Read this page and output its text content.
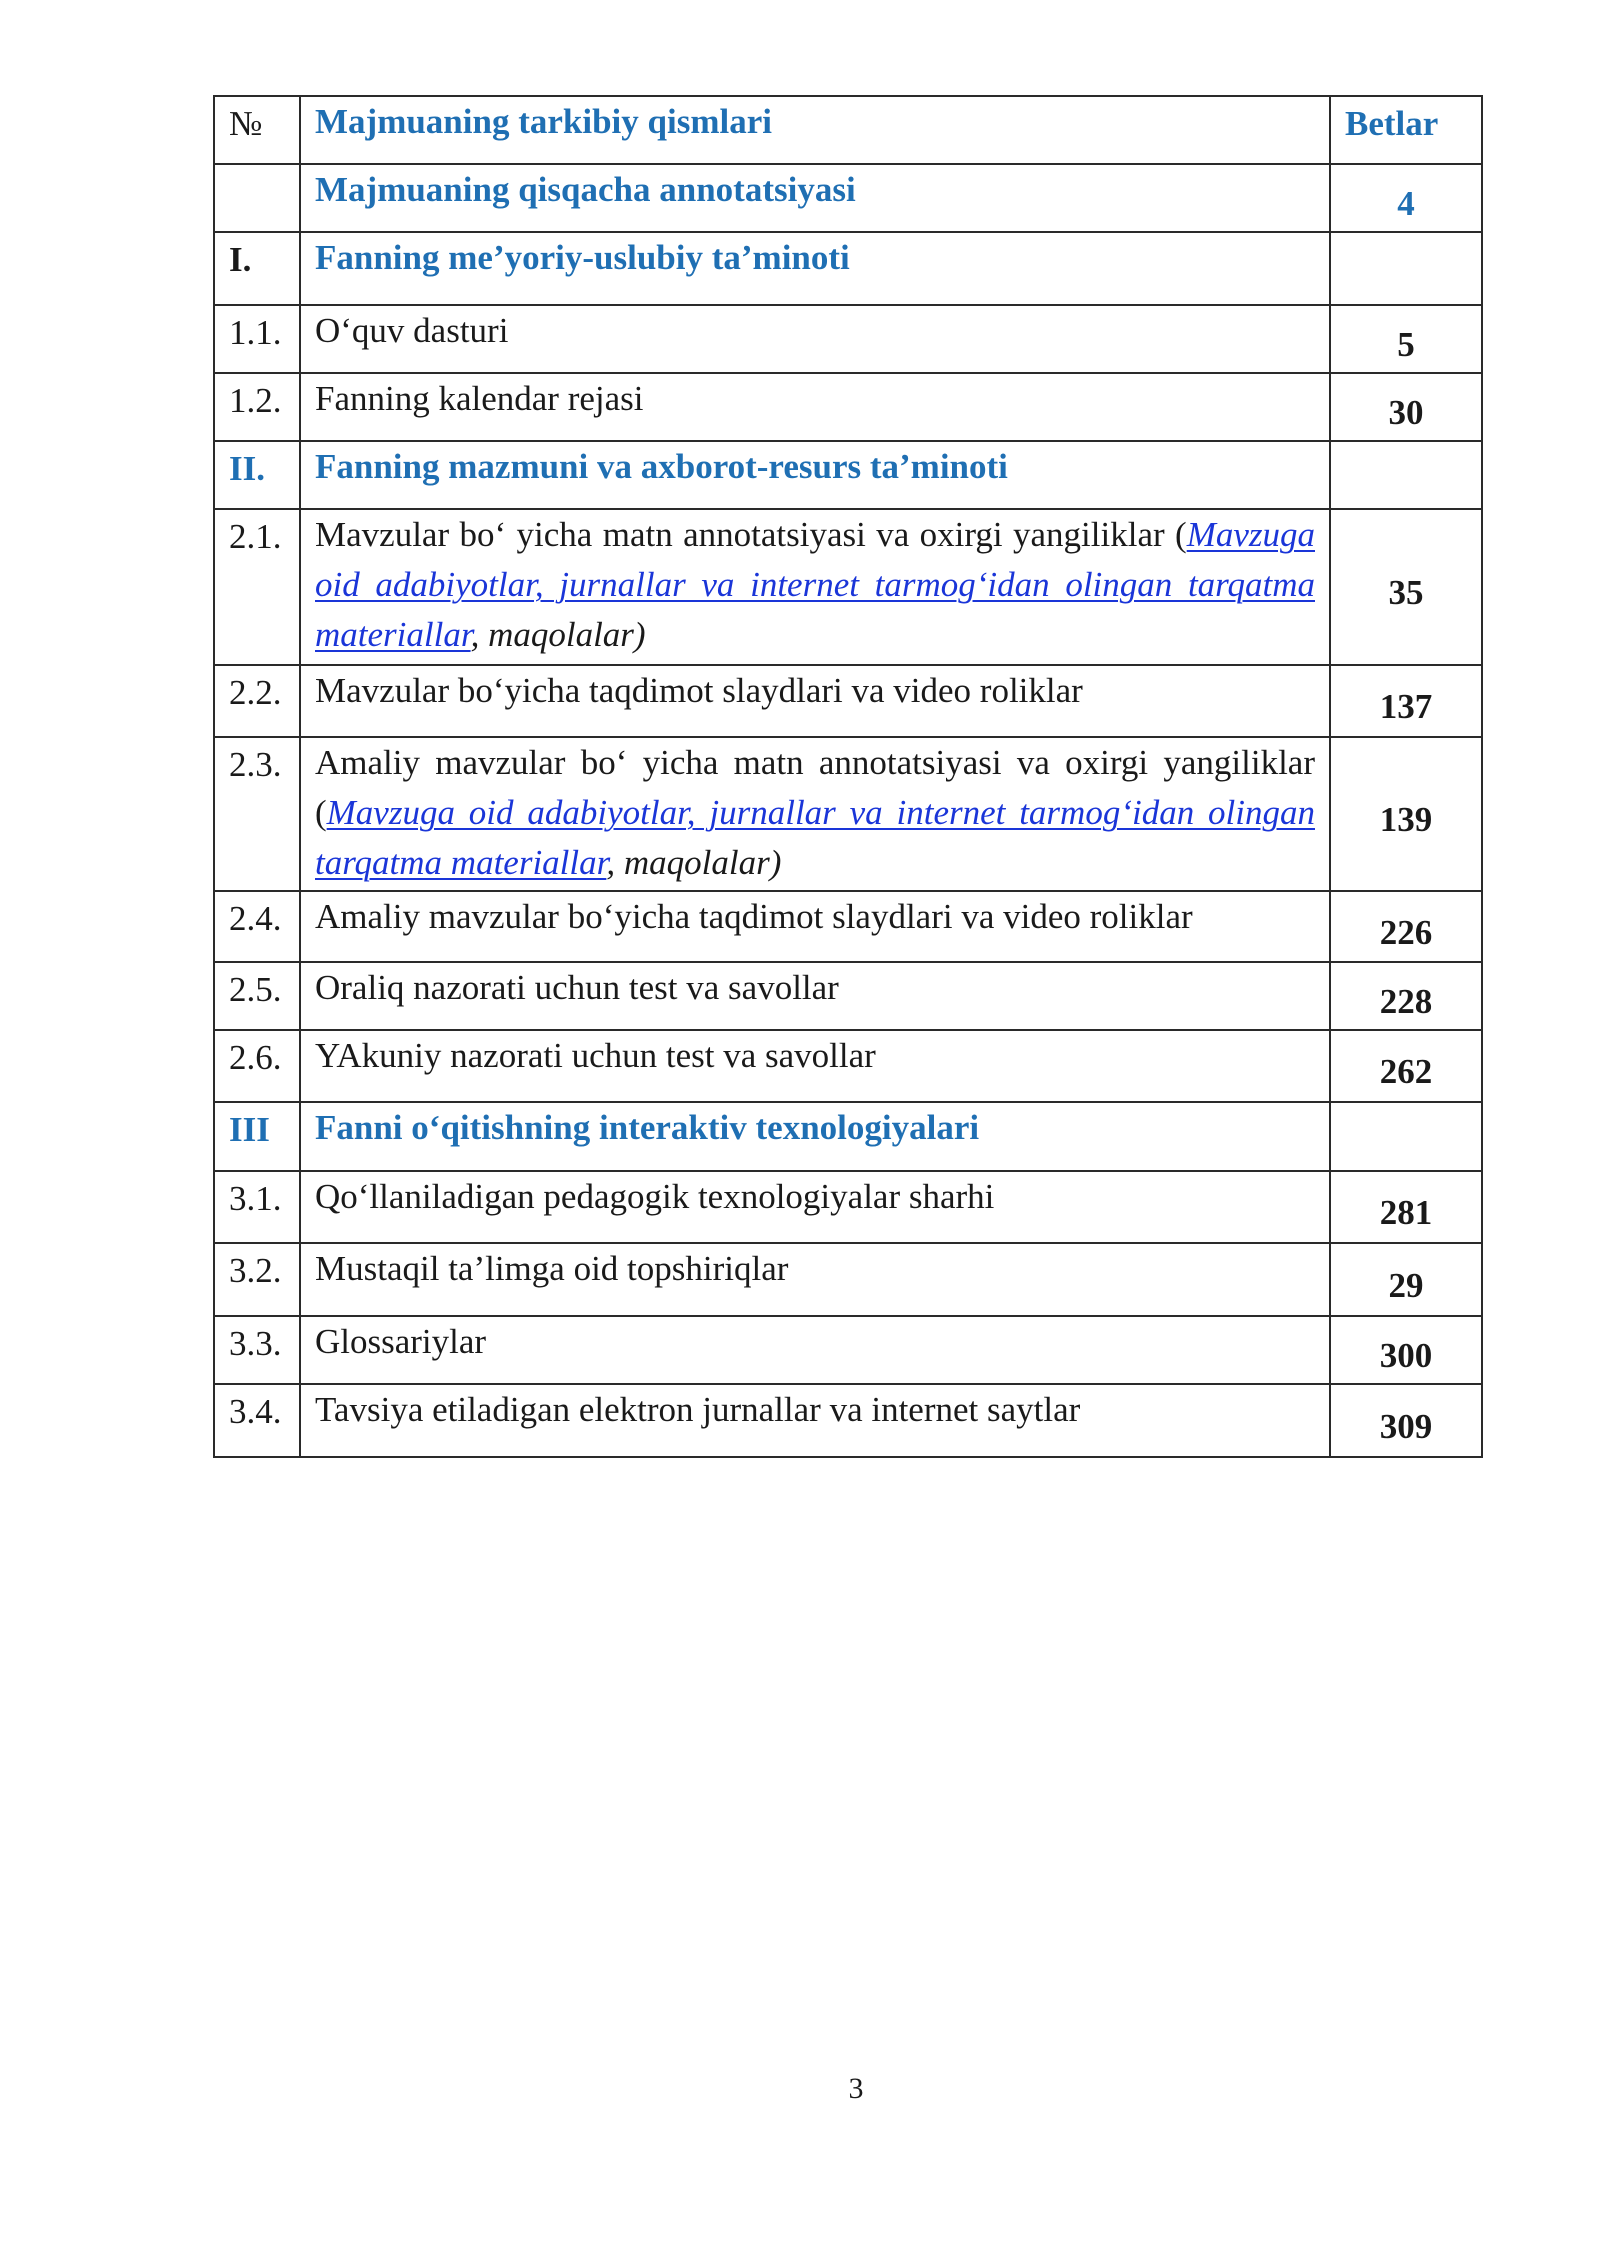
№	Majmuaning tarkibiy qismlari	Betlar
	Majmuaning qisqacha annotatsiyasi	4
I.	Fanning me’yoriy-uslubiy ta’minoti	
1.1.	O‘quv dasturi	5
1.2.	Fanning kalendar rejasi	30
II.	Fanning mazmuni va axborot-resurs ta’minoti	
2.1.	Mavzular bo‘ yicha matn annotatsiyasi va oxirgi yangiliklar (Mavzuga oid adabiyotlar, jurnallar va internet tarmog‘idan olingan tarqatma materiallar, maqolalar)	35
2.2.	Mavzular bo‘yicha taqdimot slaydlari va video roliklar	137
2.3.	Amaliy mavzular bo‘ yicha matn annotatsiyasi va oxirgi yangiliklar (Mavzuga oid adabiyotlar, jurnallar va internet tarmog‘idan olingan tarqatma materiallar, maqolalar)	139
2.4.	Amaliy mavzular bo‘yicha taqdimot slaydlari va video roliklar	226
2.5.	Oraliq nazorati uchun test va savollar	228
2.6.	YAkuniy nazorati uchun test va savollar	262
III	Fanni o‘qitishning interaktiv texnologiyalari	
3.1.	Qo‘llaniladigan pedagogik texnologiyalar sharhi	281
3.2.	Mustaqil ta’limga oid topshiriqlar	29
3.3.	Glossariylar	300
3.4.	Tavsiya etiladigan elektron jurnallar va internet saytlar	309
3
